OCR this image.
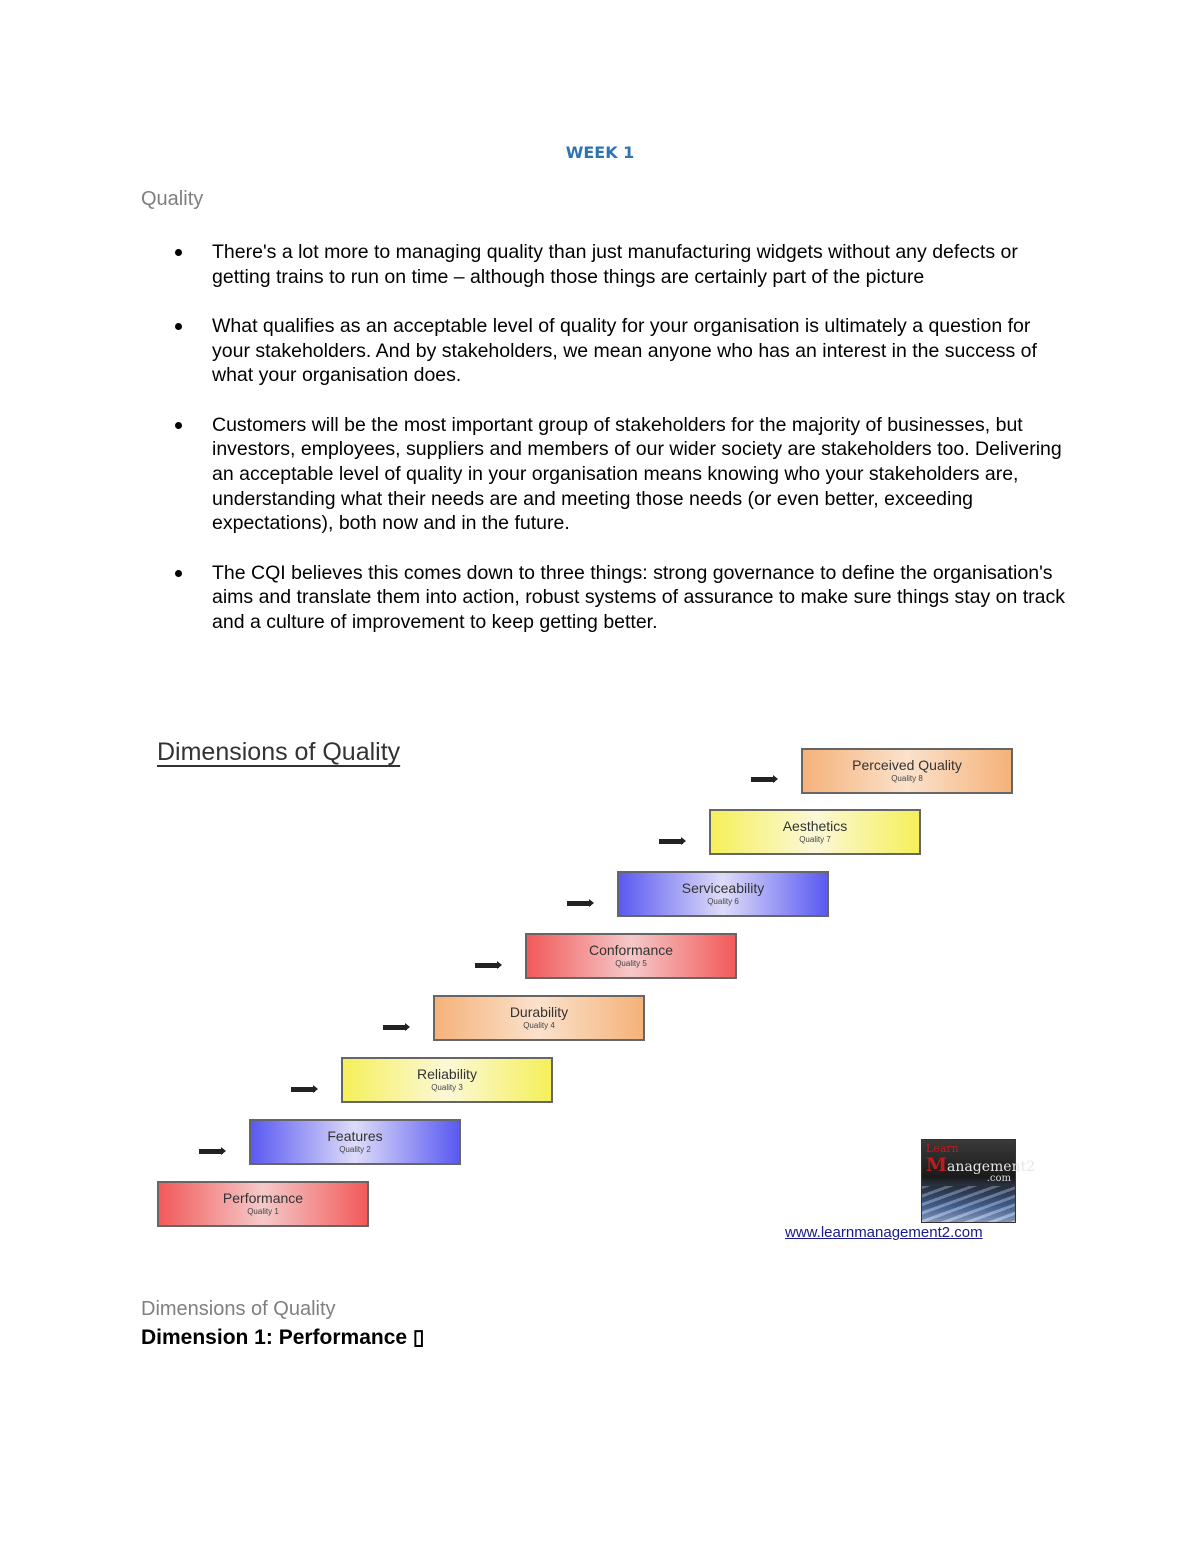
WEEK 1
Quality
There's a lot more to managing quality than just manufacturing widgets without any defects or getting trains to run on time – although those things are certainly part of the picture
What qualifies as an acceptable level of quality for your organisation is ultimately a question for your stakeholders. And by stakeholders, we mean anyone who has an interest in the success of what your organisation does.
Customers will be the most important group of stakeholders for the majority of businesses, but investors, employees, suppliers and members of our wider society are stakeholders too. Delivering an acceptable level of quality in your organisation means knowing who your stakeholders are, understanding what their needs are and meeting those needs (or even better, exceeding expectations), both now and in the future.
The CQI believes this comes down to three things: strong governance to define the organisation's aims and translate them into action, robust systems of assurance to make sure things stay on track and a culture of improvement to keep getting better.
Dimensions of Quality
Performance
Quality 1
Features
Quality 2
Reliability
Quality 3
Durability
Quality 4
Conformance
Quality 5
Serviceability
Quality 6
Aesthetics
Quality 7
Perceived Quality
Quality 8
Learn
Management2
.com
www.learnmanagement2.com
Dimensions of Quality
Dimension 1: Performance ▯
